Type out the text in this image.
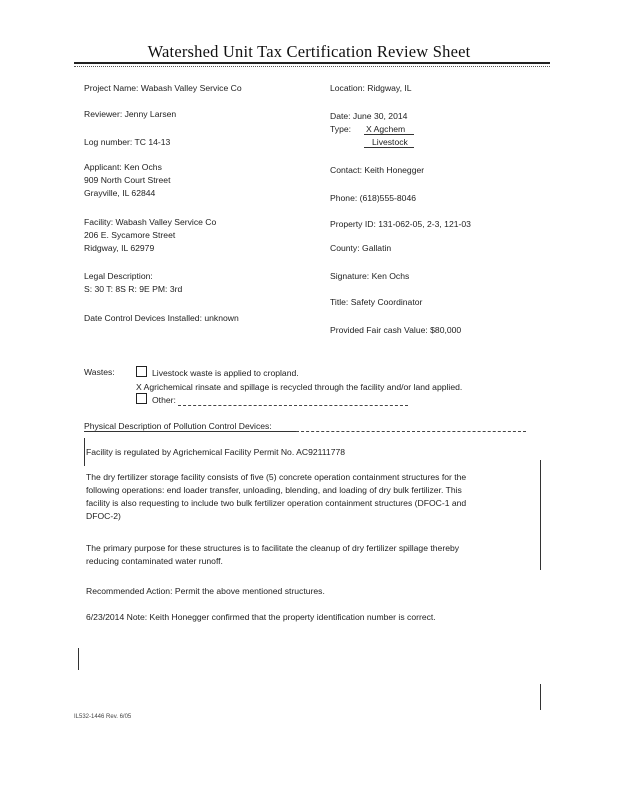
Watershed Unit Tax Certification Review Sheet
Project Name: Wabash Valley Service Co
Reviewer: Jenny Larsen
Log number: TC 14-13
Applicant: Ken Ochs
909 North Court Street
Grayville, IL 62844
Facility: Wabash Valley Service Co
206 E. Sycamore Street
Ridgway, IL 62979
Legal Description:
S: 30 T: 8S R: 9E PM: 3rd
Date Control Devices Installed: unknown
Location: Ridgway, IL
Date: June 30, 2014
Type: X Agchem
Livestock
Contact: Keith Honegger
Phone: (618)555-8046
Property ID: 131-062-05, 2-3, 121-03
County: Gallatin
Signature: Ken Ochs
Title: Safety Coordinator
Provided Fair cash Value: $80,000
Wastes:	Livestock waste is applied to cropland.
X Agrichemical rinsate and spillage is recycled through the facility and/or land applied.
Other:
Physical Description of Pollution Control Devices:
Facility is regulated by Agrichemical Facility Permit No. AC92111778
The dry fertilizer storage facility consists of five (5) concrete operation containment structures for the
following operations: end loader transfer, unloading, blending, and loading of dry bulk fertilizer. This
facility is also requesting to include two bulk fertilizer operation containment structures (DFOC-1 and
DFOC-2)
The primary purpose for these structures is to facilitate the cleanup of dry fertilizer spillage thereby
reducing contaminated water runoff.
Recommended Action: Permit the above mentioned structures.
6/23/2014 Note: Keith Honegger confirmed that the property identification number is correct.
IL532-1446 Rev. 6/05
